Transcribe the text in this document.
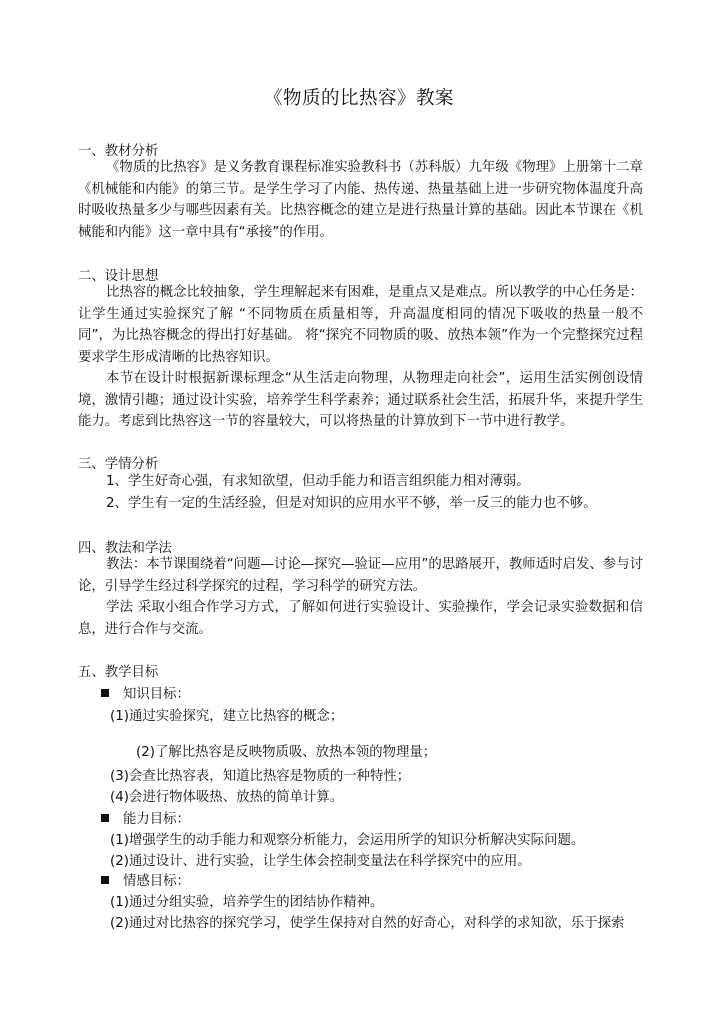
《物质的比热容》教案
一、教材分析
《物质的比热容》是义务教育课程标准实验教科书（苏科版）九年级《物理》上册第十二章《机械能和内能》的第三节。是学生学习了内能、热传递、热量基础上进一步研究物体温度升高时吸收热量多少与哪些因素有关。比热容概念的建立是进行热量计算的基础。因此本节课在《机械能和内能》这一章中具有“承接”的作用。
二、设计思想
比热容的概念比较抽象，学生理解起来有困难，是重点又是难点。所以教学的中心任务是：让学生通过实验探究了解 “不同物质在质量相等，升高温度相同的情况下吸收的热量一般不同”，为比热容概念的得出打好基础。 将“探究不同物质的吸、放热本领”作为一个完整探究过程要求学生形成清晰的比热容知识。
本节在设计时根据新课标理念“从生活走向物理，从物理走向社会”，运用生活实例创设情境，激情引趣；通过设计实验，培养学生科学素养；通过联系社会生活，拓展升华，来提升学生能力。考虑到比热容这一节的容量较大，可以将热量的计算放到下一节中进行教学。
三、学情分析
1、学生好奇心强，有求知欲望，但动手能力和语言组织能力相对薄弱。
2、学生有一定的生活经验，但是对知识的应用水平不够，举一反三的能力也不够。
四、教法和学法
教法：本节课围绕着“问题—讨论—探究—验证—应用”的思路展开，教师适时启发、参与讨论，引导学生经过科学探究的过程，学习科学的研究方法。
学法 采取小组合作学习方式，了解如何进行实验设计、实验操作，学会记录实验数据和信息，进行合作与交流。
五、教学目标
知识目标：
(1)通过实验探究，建立比热容的概念；
(2)了解比热容是反映物质吸、放热本领的物理量；
(3)会查比热容表，知道比热容是物质的一种特性；
(4)会进行物体吸热、放热的简单计算。
能力目标：
(1)增强学生的动手能力和观察分析能力，会运用所学的知识分析解决实际问题。
(2)通过设计、进行实验，让学生体会控制变量法在科学探究中的应用。
情感目标：
(1)通过分组实验，培养学生的团结协作精神。
(2)通过对比热容的探究学习，使学生保持对自然的好奇心，对科学的求知欲，乐于探索
